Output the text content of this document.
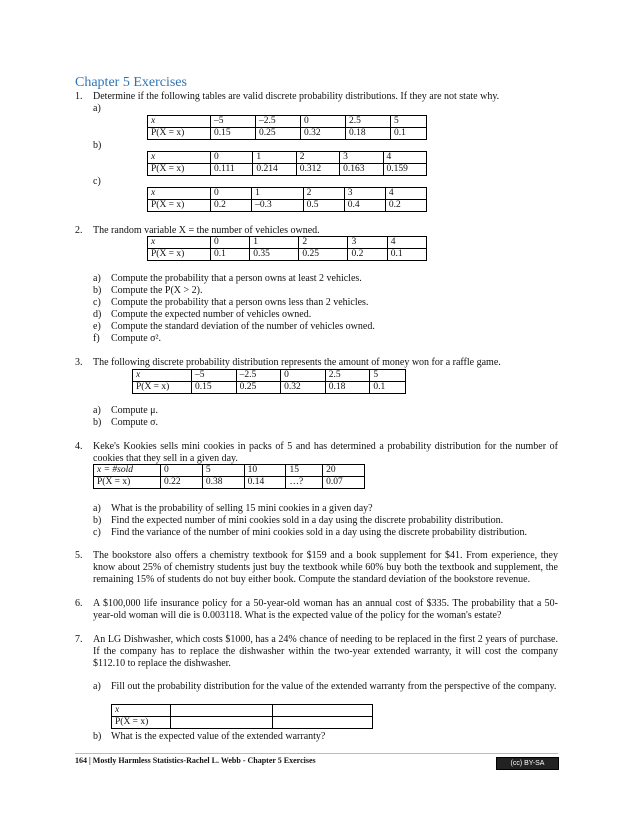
Chapter 5 Exercises
1. Determine if the following tables are valid discrete probability distributions. If they are not state why.
a)
x	–5	–2.5	0	2.5	5
P(X = x)	0.15	0.25	0.32	0.18	0.1
b)
x	0	1	2	3	4
P(X = x)	0.111	0.214	0.312	0.163	0.159
c)
x	0	1	2	3	4
P(X = x)	0.2	–0.3	0.5	0.4	0.2
2. The random variable X = the number of vehicles owned.
x	0	1	2	3	4
P(X = x)	0.1	0.35	0.25	0.2	0.1
a) Compute the probability that a person owns at least 2 vehicles.
b) Compute the P(X > 2).
c) Compute the probability that a person owns less than 2 vehicles.
d) Compute the expected number of vehicles owned.
e) Compute the standard deviation of the number of vehicles owned.
f) Compute σ².
3. The following discrete probability distribution represents the amount of money won for a raffle game.
x	–5	–2.5	0	2.5	5
P(X = x)	0.15	0.25	0.32	0.18	0.1
a) Compute μ.
b) Compute σ.
4. Keke's Kookies sells mini cookies in packs of 5 and has determined a probability distribution for the number of cookies that they sell in a given day.
x = #sold	0	5	10	15	20
P(X = x)	0.22	0.38	0.14	…?	0.07
a) What is the probability of selling 15 mini cookies in a given day?
b) Find the expected number of mini cookies sold in a day using the discrete probability distribution.
c) Find the variance of the number of mini cookies sold in a day using the discrete probability distribution.
5. The bookstore also offers a chemistry textbook for $159 and a book supplement for $41. From experience, they know about 25% of chemistry students just buy the textbook while 60% buy both the textbook and supplement, the remaining 15% of students do not buy either book. Compute the standard deviation of the bookstore revenue.
6. A $100,000 life insurance policy for a 50-year-old woman has an annual cost of $335. The probability that a 50-year-old woman will die is 0.003118. What is the expected value of the policy for the woman's estate?
7. An LG Dishwasher, which costs $1000, has a 24% chance of needing to be replaced in the first 2 years of purchase. If the company has to replace the dishwasher within the two-year extended warranty, it will cost the company $112.10 to replace the dishwasher.
a) Fill out the probability distribution for the value of the extended warranty from the perspective of the company.
x		
P(X = x)		
b) What is the expected value of the extended warranty?
164 | Mostly Harmless Statistics-Rachel L. Webb - Chapter 5 Exercises	(cc) BY-SA
